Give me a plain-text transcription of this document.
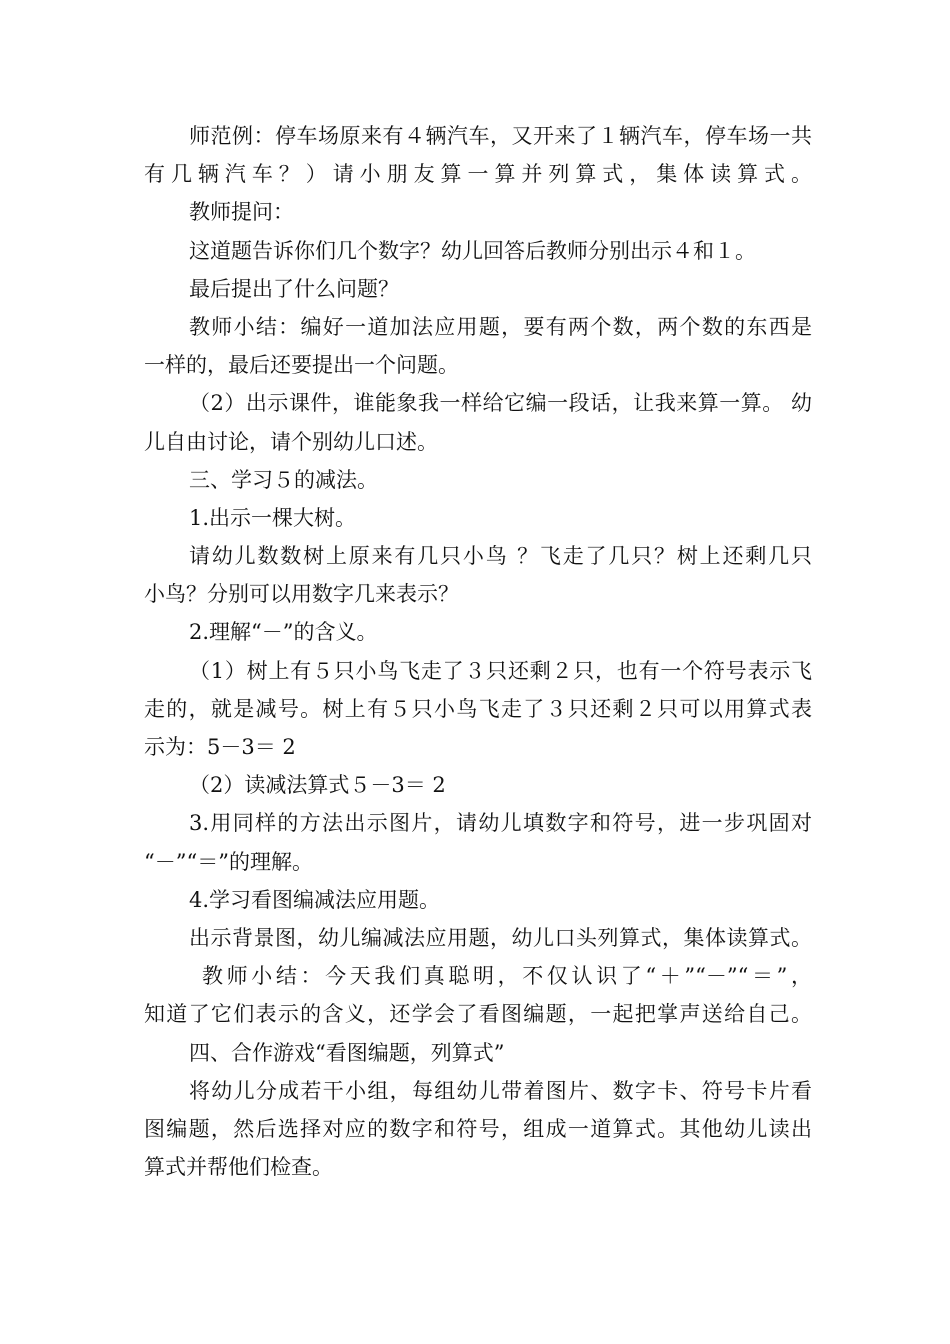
师范例：停车场原来有４辆汽车，又开来了１辆汽车，停车场一共
有几辆汽车？）请小朋友算一算并列算式，集体读算式。
教师提问：
这道题告诉你们几个数字？幼儿回答后教师分别出示４和１。
最后提出了什么问题？
教师小结：编好一道加法应用题，要有两个数，两个数的东西是
一样的，最后还要提出一个问题。
（2）出示课件，谁能象我一样给它编一段话，让我来算一算。 幼
儿自由讨论，请个别幼儿口述。
三、学习５的减法。
1.出示一棵大树。
请幼儿数数树上原来有几只小鸟 ？飞走了几只？树上还剩几只
小鸟？分别可以用数字几来表示？
2.理解“－”的含义。
（1）树上有５只小鸟飞走了３只还剩２只，也有一个符号表示飞
走的，就是减号。树上有５只小鸟飞走了３只还剩２只可以用算式表
示为：5－3＝ 2
（2）读减法算式５－3＝ 2
3.用同样的方法出示图片，请幼儿填数字和符号，进一步巩固对
“－”“＝”的理解。
4.学习看图编减法应用题。
出示背景图，幼儿编减法应用题，幼儿口头列算式，集体读算式。
教师小结：今天我们真聪明，不仅认识了“＋”“－”“＝”，
知道了它们表示的含义，还学会了看图编题，一起把掌声送给自己。
四、合作游戏“看图编题，列算式”
将幼儿分成若干小组，每组幼儿带着图片、数字卡、符号卡片看
图编题，然后选择对应的数字和符号，组成一道算式。其他幼儿读出
算式并帮他们检查。
